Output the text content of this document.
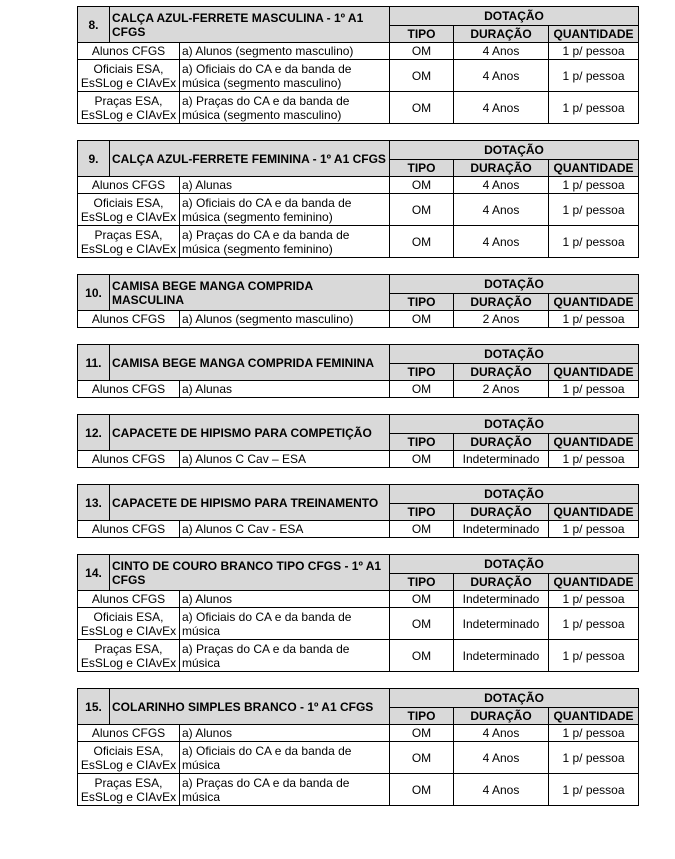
8.	CALÇA AZUL-FERRETE MASCULINA - 1º A1 CFGS		DOTAÇÃO		
			TIPO	DURAÇÃO	QUANTIDADE
Alunos CFGS		a) Alunos (segmento masculino)	OM	4 Anos	1 p/ pessoa
Oficiais ESA, EsSLog e CIAvEx		a) Oficiais do CA e da banda de música (segmento masculino)	OM	4 Anos	1 p/ pessoa
Praças ESA, EsSLog e CIAvEx		a) Praças do CA e da banda de música (segmento masculino)	OM	4 Anos	1 p/ pessoa
9.	CALÇA AZUL-FERRETE FEMININA - 1º A1 CFGS		DOTAÇÃO		
			TIPO	DURAÇÃO	QUANTIDADE
Alunos CFGS		a) Alunas	OM	4 Anos	1 p/ pessoa
Oficiais ESA, EsSLog e CIAvEx		a) Oficiais do CA e da banda de música (segmento feminino)	OM	4 Anos	1 p/ pessoa
Praças ESA, EsSLog e CIAvEx		a) Praças do CA e da banda de música (segmento feminino)	OM	4 Anos	1 p/ pessoa
10.	CAMISA BEGE MANGA COMPRIDA MASCULINA		DOTAÇÃO		
			TIPO	DURAÇÃO	QUANTIDADE
Alunos CFGS		a) Alunos (segmento masculino)	OM	2 Anos	1 p/ pessoa
11.	CAMISA BEGE MANGA COMPRIDA FEMININA		DOTAÇÃO		
			TIPO	DURAÇÃO	QUANTIDADE
Alunos CFGS		a) Alunas	OM	2 Anos	1 p/ pessoa
12.	CAPACETE DE HIPISMO PARA COMPETIÇÃO		DOTAÇÃO		
			TIPO	DURAÇÃO	QUANTIDADE
Alunos CFGS		a) Alunos C Cav – ESA	OM	Indeterminado	1 p/ pessoa
13.	CAPACETE DE HIPISMO PARA TREINAMENTO		DOTAÇÃO		
			TIPO	DURAÇÃO	QUANTIDADE
Alunos CFGS		a) Alunos C Cav - ESA	OM	Indeterminado	1 p/ pessoa
14.	CINTO DE COURO BRANCO TIPO CFGS - 1º A1 CFGS		DOTAÇÃO		
			TIPO	DURAÇÃO	QUANTIDADE
Alunos CFGS		a) Alunos	OM	Indeterminado	1 p/ pessoa
Oficiais ESA, EsSLog e CIAvEx		a) Oficiais do CA e da banda de música	OM	Indeterminado	1 p/ pessoa
Praças ESA, EsSLog e CIAvEx		a) Praças do CA e da banda de música	OM	Indeterminado	1 p/ pessoa
15.	COLARINHO SIMPLES BRANCO - 1º A1 CFGS		DOTAÇÃO		
			TIPO	DURAÇÃO	QUANTIDADE
Alunos CFGS		a) Alunos	OM	4 Anos	1 p/ pessoa
Oficiais ESA, EsSLog e CIAvEx		a) Oficiais do CA e da banda de música	OM	4 Anos	1 p/ pessoa
Praças ESA, EsSLog e CIAvEx		a) Praças do CA e da banda de música	OM	4 Anos	1 p/ pessoa
